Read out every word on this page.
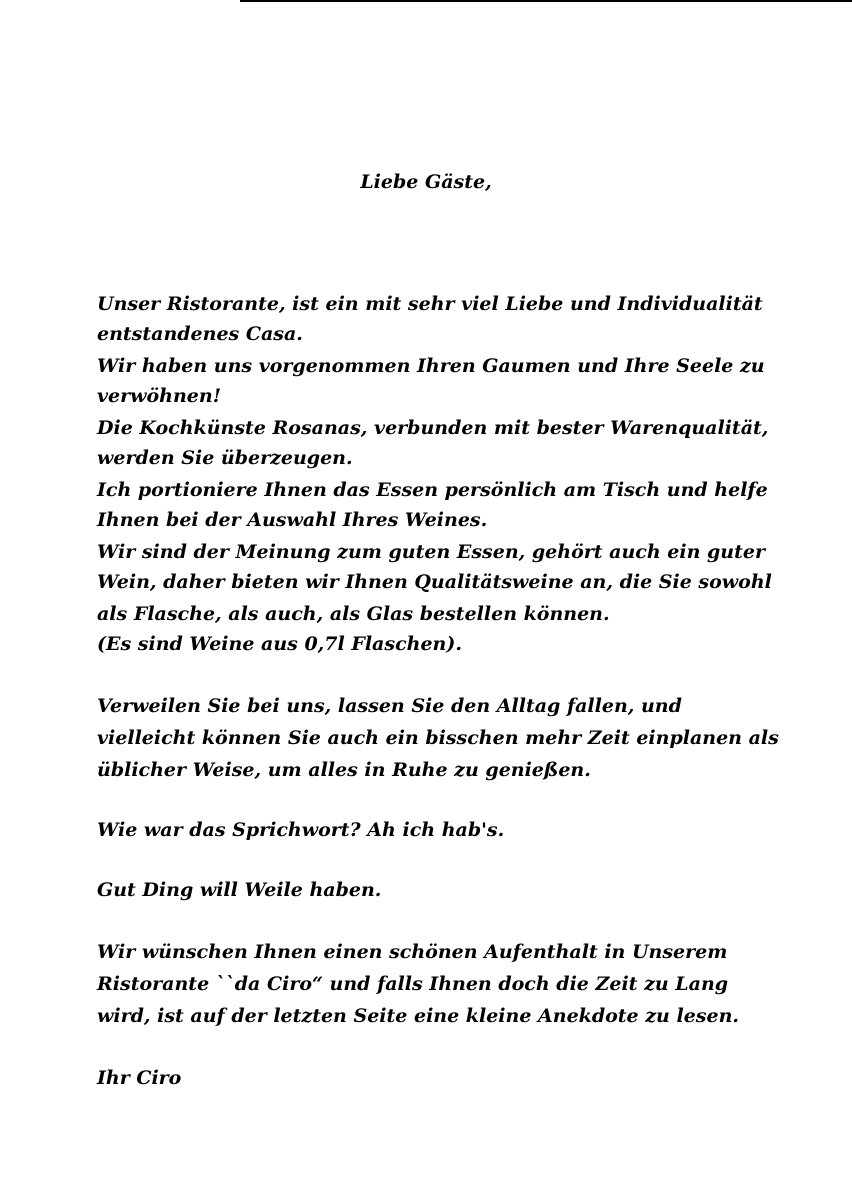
Liebe Gäste,
Unser Ristorante, ist ein mit sehr viel Liebe und Individualität
entstandenes Casa.
Wir haben uns vorgenommen Ihren Gaumen und Ihre Seele zu
verwöhnen!
Die Kochkünste Rosanas, verbunden mit bester Warenqualität,
werden Sie überzeugen.
Ich portioniere Ihnen das Essen persönlich am Tisch und helfe
Ihnen bei der Auswahl Ihres Weines.
Wir sind der Meinung zum guten Essen, gehört auch ein guter
Wein, daher bieten wir Ihnen Qualitätsweine an, die Sie sowohl
als Flasche, als auch, als Glas bestellen können.
(Es sind Weine aus 0,7l Flaschen).
Verweilen Sie bei uns, lassen Sie den Alltag fallen, und
vielleicht können Sie auch ein bisschen mehr Zeit einplanen als
üblicher Weise, um alles in Ruhe zu genießen.
Wie war das Sprichwort? Ah ich hab's.
Gut Ding will Weile haben.
Wir wünschen Ihnen einen schönen Aufenthalt in Unserem
Ristorante ``da Ciro“ und falls Ihnen doch die Zeit zu Lang
wird, ist auf der letzten Seite eine kleine Anekdote zu lesen.
Ihr Ciro
